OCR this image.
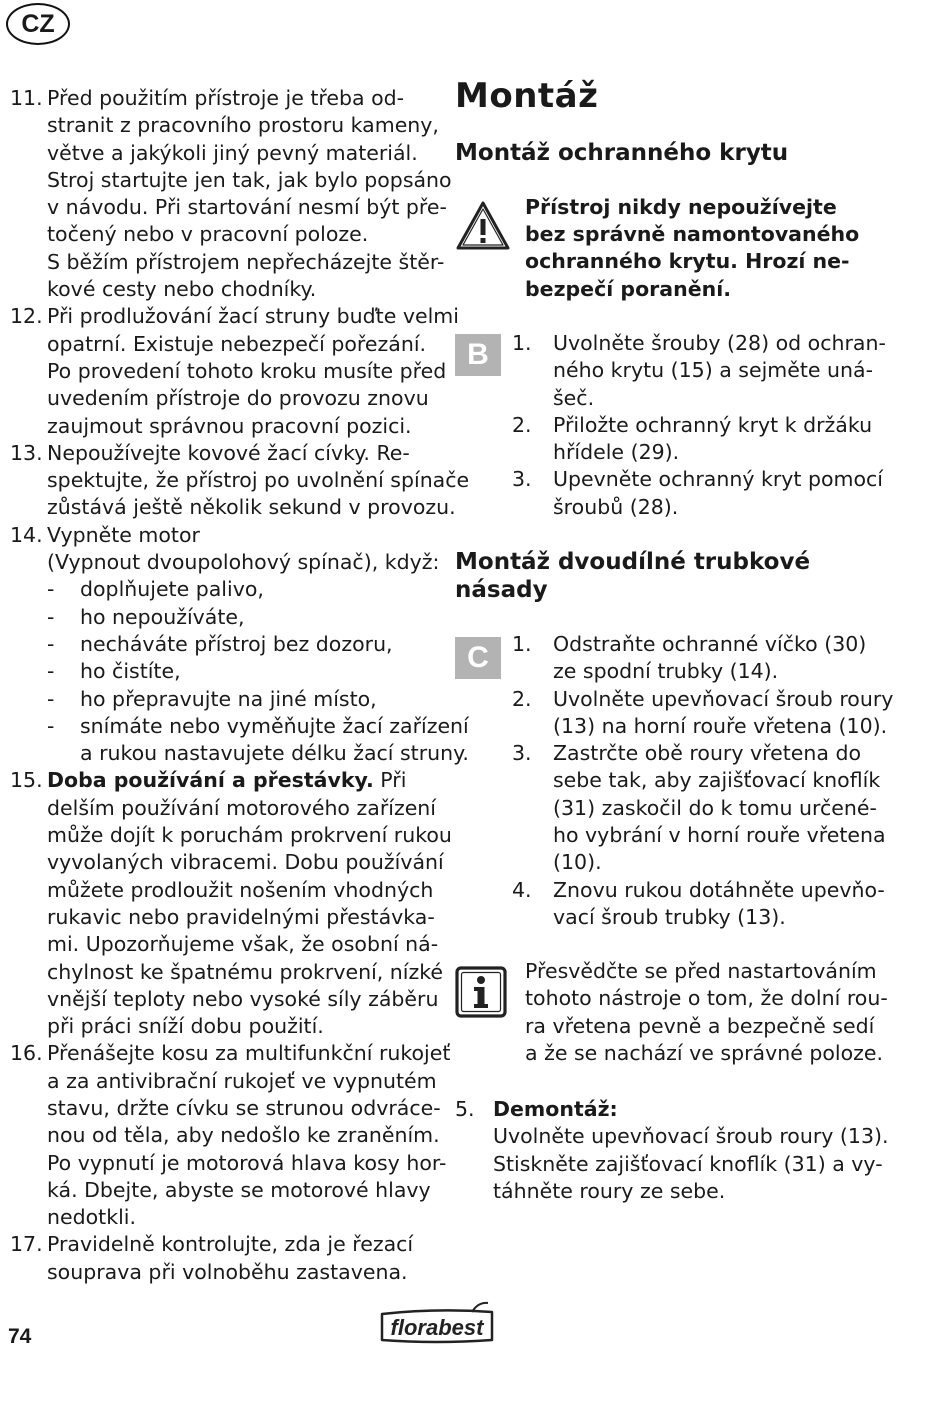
CZ
11. Před použitím přístroje je třeba od-
stranit z pracovního prostoru kameny,
větve a jakýkoli jiný pevný materiál.
Stroj startujte jen tak, jak bylo popsáno
v návodu. Při startování nesmí být pře-
točený nebo v pracovní poloze.
S běžím přístrojem nepřecházejte štěr-
kové cesty nebo chodníky.
12. Při prodlužování žací struny buďte velmi
opatrní. Existuje nebezpečí pořezání.
Po provedení tohoto kroku musíte před
uvedením přístroje do provozu znovu
zaujmout správnou pracovní pozici.
13. Nepoužívejte kovové žací cívky. Re-
spektujte, že přístroj po uvolnění spínače
zůstává ještě několik sekund v provozu.
14. Vypněte motor
(Vypnout dvoupolohový spínač), když:
- doplňujete palivo,
- ho nepoužíváte,
- necháváte přístroj bez dozoru,
- ho čistíte,
- ho přepravujte na jiné místo,
- snímáte nebo vyměňujte žací zařízení
a rukou nastavujete délku žací struny.
15. Doba používání a přestávky. Při
delším používání motorového zařízení
může dojít k poruchám prokrvení rukou
vyvolaných vibracemi. Dobu používání
můžete prodloužit nošením vhodných
rukavic nebo pravidelnými přestávka-
mi. Upozorňujeme však, že osobní ná-
chylnost ke špatnému prokrvení, nízké
vnější teploty nebo vysoké síly záběru
při práci sníží dobu použití.
16. Přenášejte kosu za multifunkční rukojeť
a za antivibrační rukojeť ve vypnutém
stavu, držte cívku se strunou odvráce-
nou od těla, aby nedošlo ke zraněním.
Po vypnutí je motorová hlava kosy hor-
ká. Dbejte, abyste se motorové hlavy
nedotkli.
17. Pravidelně kontrolujte, zda je řezací
souprava při volnoběhu zastavena.
Montáž
Montáž ochranného krytu
Přístroj nikdy nepoužívejte
bez správně namontovaného
ochranného krytu. Hrozí ne-
bezpečí poranění.
B	1. Uvolněte šrouby (28) od ochran-
ného krytu (15) a sejměte uná-
šeč.
2. Přiložte ochranný kryt k držáku
hřídele (29).
3. Upevněte ochranný kryt pomocí
šroubů (28).
Montáž dvoudílné trubkové
násady
C	1. Odstraňte ochranné víčko (30)
ze spodní trubky (14).
2. Uvolněte upevňovací šroub roury
(13) na horní rouře vřetena (10).
3. Zastrčte obě roury vřetena do
sebe tak, aby zajišťovací knoflík
(31) zaskočil do k tomu určené-
ho vybrání v horní rouře vřetena
(10).
4. Znovu rukou dotáhněte upevňo-
vací šroub trubky (13).
Přesvědčte se před nastartováním
tohoto nástroje o tom, že dolní rou-
ra vřetena pevně a bezpečně sedí
a že se nachází ve správné poloze.
5. Demontáž:
Uvolněte upevňovací šroub roury (13).
Stiskněte zajišťovací knoflík (31) a vy-
táhněte roury ze sebe.
74	florabest
